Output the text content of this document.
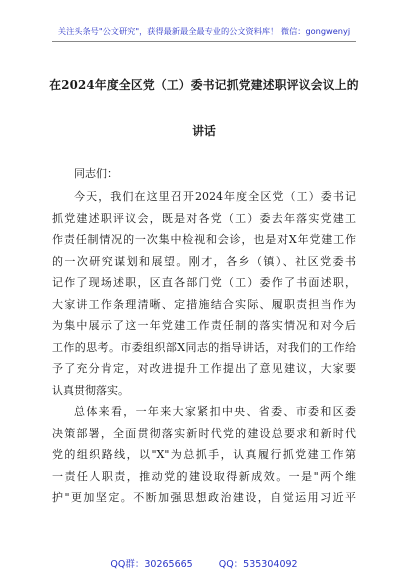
关注头条号"公文研究"，获得最新最全最专业的公文资料库！ 微信：gongwenyj
在2024年度全区党（工）委书记抓党建述职评议会议上的
讲话
同志们：
今天，我们在这里召开2024年度全区党（工）委书记
抓党建述职评议会，既是对各党（工）委去年落实党建工
作责任制情况的一次集中检视和会诊，也是对X年党建工作
的一次研究谋划和展望。刚才，各乡（镇）、社区党委书
记作了现场述职，区直各部门党（工）委作了书面述职，
大家讲工作条理清晰、定措施结合实际、履职责担当作为
为集中展示了这一年党建工作责任制的落实情况和对今后
工作的思考。市委组织部X同志的指导讲话，对我们的工作给
予了充分肯定，对改进提升工作提出了意见建议，大家要
认真贯彻落实。
总体来看，一年来大家紧扣中央、省委、市委和区委
决策部署，全面贯彻落实新时代党的建设总要求和新时代
党的组织路线，以"X"为总抓手，认真履行抓党建工作第
一责任人职责，推动党的建设取得新成效。一是"两个维
护"更加坚定。不断加强思想政治建设，自觉运用习近平
QQ群：30265665	QQ：535304092
